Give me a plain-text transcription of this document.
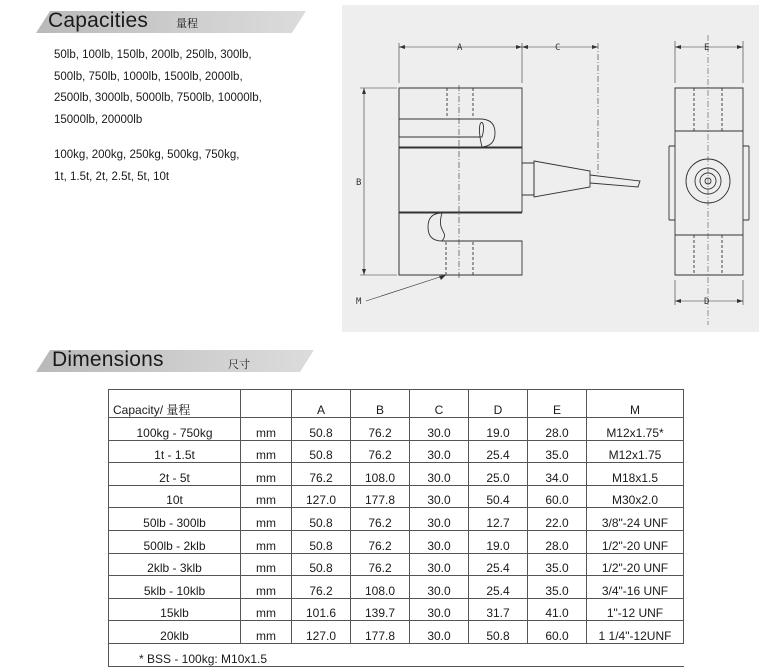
Capacities	量程
50lb, 100lb, 150lb, 200lb, 250lb, 300lb,
500lb, 750lb, 1000lb, 1500lb, 2000lb,
2500lb, 3000lb, 5000lb, 7500lb, 10000lb,
15000lb, 20000lb
100kg, 200kg, 250kg, 500kg, 750kg,
1t, 1.5t, 2t, 2.5t, 5t, 10t
A	C
B
M
E
D
Dimensions	尺寸
Capacity/ 量程		A	B	C	D	E	M
100kg - 750kg	mm	50.8	76.2	30.0	19.0	28.0	M12x1.75*
1t - 1.5t	mm	50.8	76.2	30.0	25.4	35.0	M12x1.75
2t - 5t	mm	76.2	108.0	30.0	25.0	34.0	M18x1.5
10t	mm	127.0	177.8	30.0	50.4	60.0	M30x2.0
50lb - 300lb	mm	50.8	76.2	30.0	12.7	22.0	3/8"-24 UNF
500lb - 2klb	mm	50.8	76.2	30.0	19.0	28.0	1/2"-20 UNF
2klb - 3klb	mm	50.8	76.2	30.0	25.4	35.0	1/2"-20 UNF
5klb - 10klb	mm	76.2	108.0	30.0	25.4	35.0	3/4"-16 UNF
15klb	mm	101.6	139.7	30.0	31.7	41.0	1"-12 UNF
20klb	mm	127.0	177.8	30.0	50.8	60.0	1 1/4"-12UNF
* BSS - 100kg: M10x1.5							
